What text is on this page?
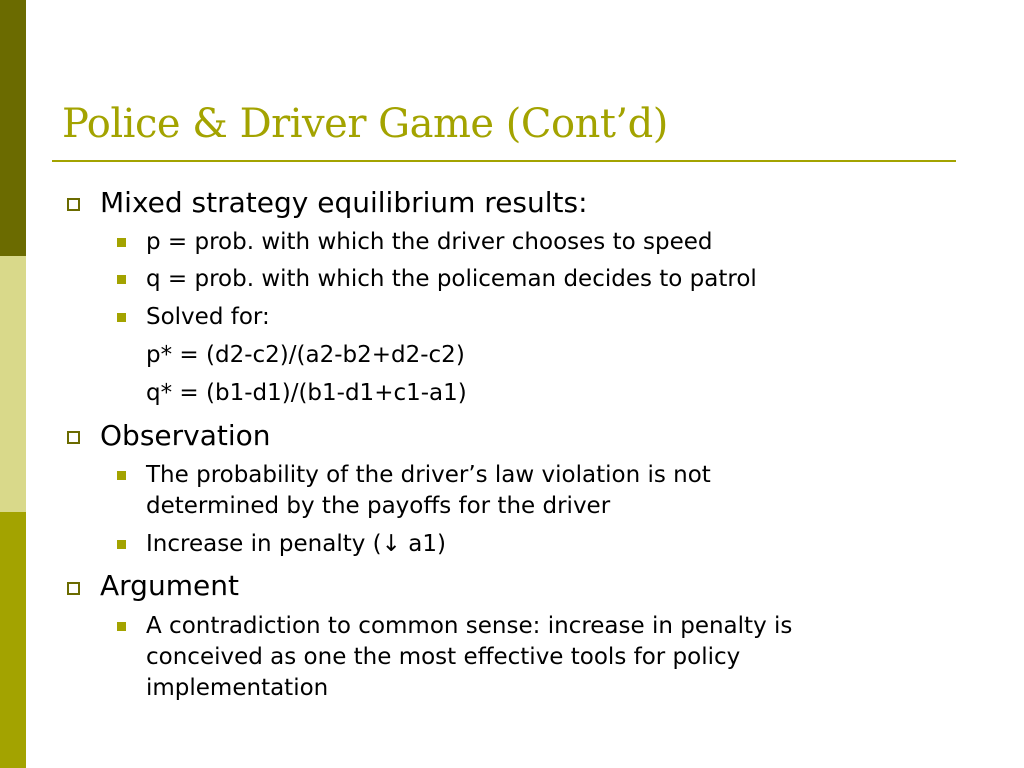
Police & Driver Game (Cont’d)
Mixed strategy equilibrium results:
p = prob. with which the driver chooses to speed
q = prob. with which the policeman decides to patrol
Solved for:
p* = (d2-c2)/(a2-b2+d2-c2)
q* = (b1-d1)/(b1-d1+c1-a1)
Observation
The probability of the driver’s law violation is not
determined by the payoffs for the driver
Increase in penalty (↓ a1)
Argument
A contradiction to common sense: increase in penalty is
conceived as one the most effective tools for policy
implementation
